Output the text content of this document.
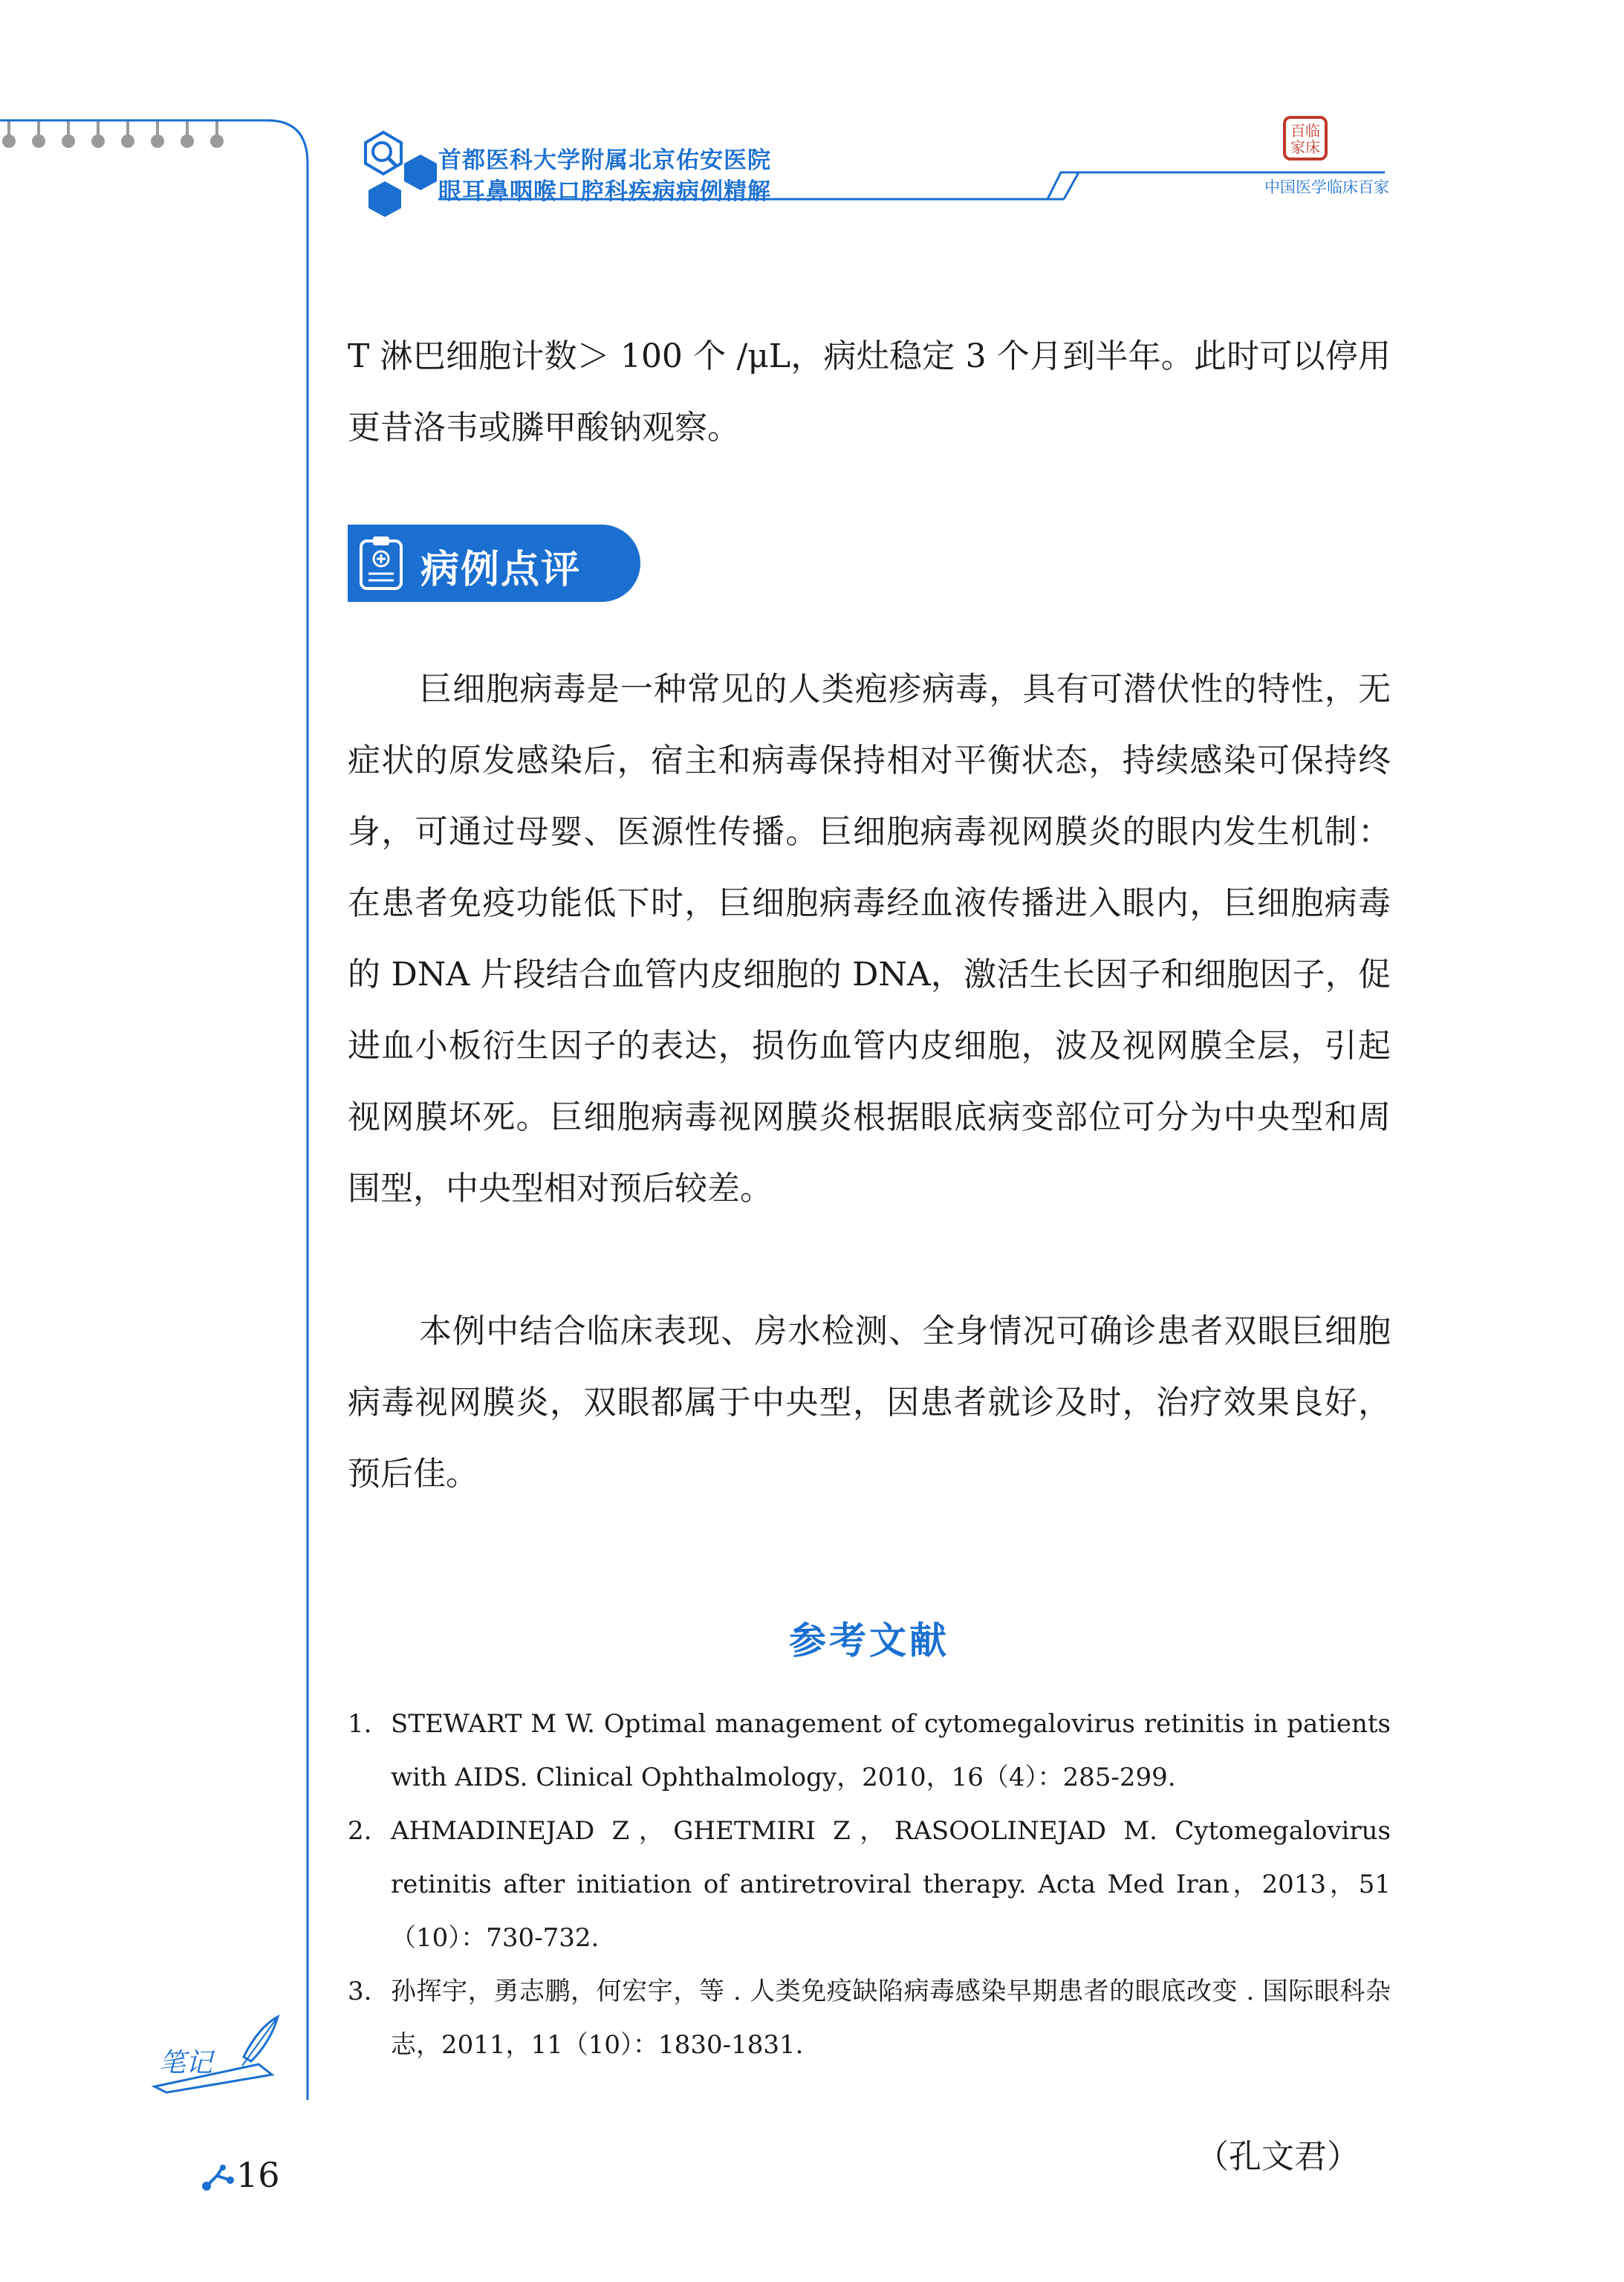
首都医科大学附属北京佑安医院
眼耳鼻咽喉口腔科疾病病例精解
百临
家床
中国医学临床百家
T 淋巴细胞计数＞ 100 个 /μL，病灶稳定 3 个月到半年。此时可以停用更昔洛韦或膦甲酸钠观察。
病例点评
巨细胞病毒是一种常见的人类疱疹病毒，具有可潜伏性的特性，无症状的原发感染后，宿主和病毒保持相对平衡状态，持续感染可保持终身，可通过母婴、医源性传播。巨细胞病毒视网膜炎的眼内发生机制：在患者免疫功能低下时，巨细胞病毒经血液传播进入眼内，巨细胞病毒的 DNA 片段结合血管内皮细胞的 DNA，激活生长因子和细胞因子，促进血小板衍生因子的表达，损伤血管内皮细胞，波及视网膜全层，引起视网膜坏死。巨细胞病毒视网膜炎根据眼底病变部位可分为中央型和周围型，中央型相对预后较差。
本例中结合临床表现、房水检测、全身情况可确诊患者双眼巨细胞病毒视网膜炎，双眼都属于中央型，因患者就诊及时，治疗效果良好，预后佳。
参考文献
1. STEWART M W. Optimal management of cytomegalovirus retinitis in patients with AIDS. Clinical Ophthalmology，2010，16（4）：285-299.
2. AHMADINEJAD Z，GHETMIRI Z，RASOOLINEJAD M. Cytomegalovirus retinitis after initiation of antiretroviral therapy. Acta Med Iran，2013，51（10）：730-732.
3. 孙挥宇，勇志鹏，何宏宇，等 . 人类免疫缺陷病毒感染早期患者的眼底改变 . 国际眼科杂志，2011，11（10）：1830-1831.
（孔文君）
笔记
16
